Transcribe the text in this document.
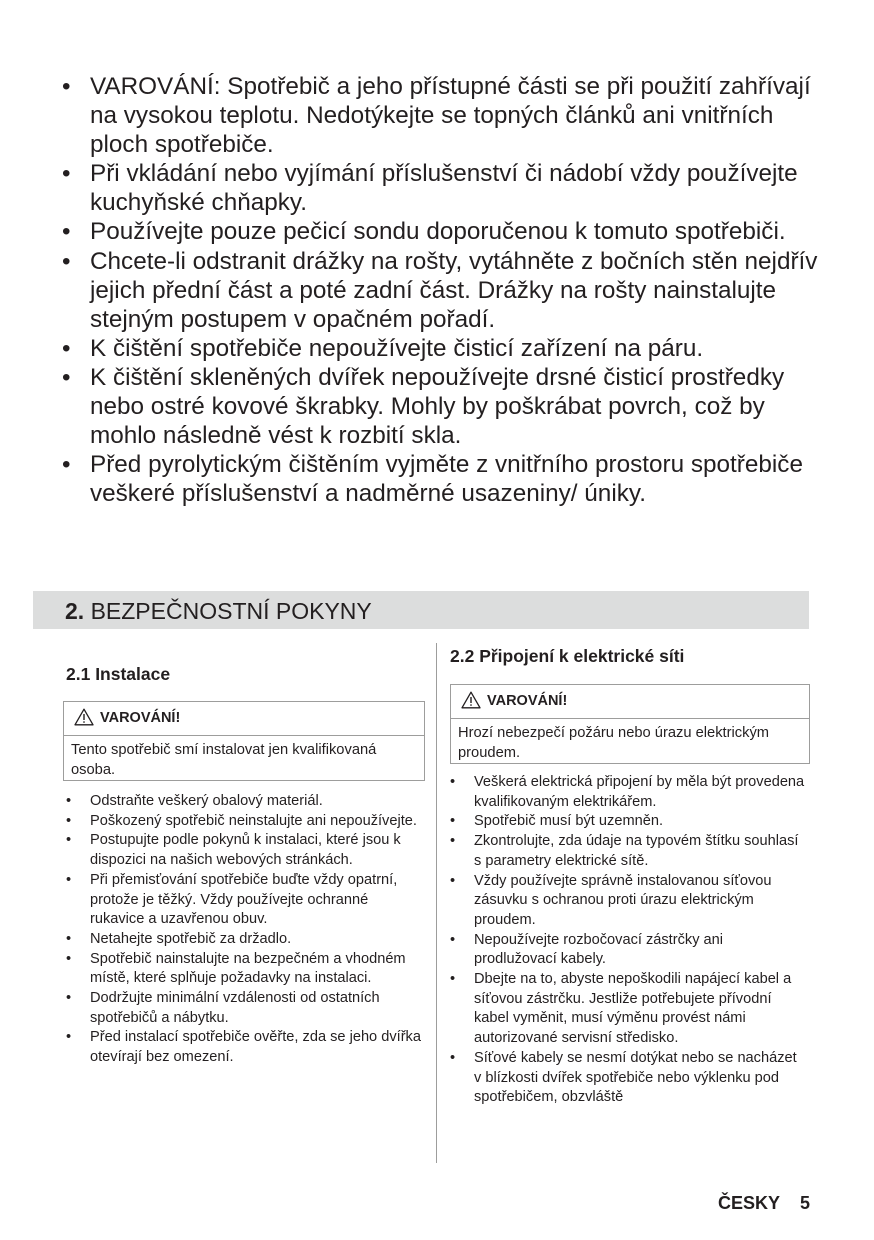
• VAROVÁNÍ: Spotřebič a jeho přístupné části se při použití zahřívají na vysokou teplotu. Nedotýkejte se topných článků ani vnitřních ploch spotřebiče.
• Při vkládání nebo vyjímání příslušenství či nádobí vždy používejte kuchyňské chňapky.
• Používejte pouze pečicí sondu doporučenou k tomuto spotřebiči.
• Chcete-li odstranit drážky na rošty, vytáhněte z bočních stěn nejdřív jejich přední část a poté zadní část. Drážky na rošty nainstalujte stejným postupem v opačném pořadí.
• K čištění spotřebiče nepoužívejte čisticí zařízení na páru.
• K čištění skleněných dvířek nepoužívejte drsné čisticí prostředky nebo ostré kovové škrabky. Mohly by poškrábat povrch, což by mohlo následně vést k rozbití skla.
• Před pyrolytickým čištěním vyjměte z vnitřního prostoru spotřebiče veškeré příslušenství a nadměrné usazeniny/ úniky.
2. BEZPEČNOSTNÍ POKYNY
2.1 Instalace
VAROVÁNÍ!
Tento spotřebič smí instalovat jen kvalifikovaná osoba.
• Odstraňte veškerý obalový materiál.
• Poškozený spotřebič neinstalujte ani nepoužívejte.
• Postupujte podle pokynů k instalaci, které jsou k dispozici na našich webových stránkách.
• Při přemisťování spotřebiče buďte vždy opatrní, protože je těžký. Vždy používejte ochranné rukavice a uzavřenou obuv.
• Netahejte spotřebič za držadlo.
• Spotřebič nainstalujte na bezpečném a vhodném místě, které splňuje požadavky na instalaci.
• Dodržujte minimální vzdálenosti od ostatních spotřebičů a nábytku.
• Před instalací spotřebiče ověřte, zda se jeho dvířka otevírají bez omezení.
2.2 Připojení k elektrické síti
VAROVÁNÍ!
Hrozí nebezpečí požáru nebo úrazu elektrickým proudem.
• Veškerá elektrická připojení by měla být provedena kvalifikovaným elektrikářem.
• Spotřebič musí být uzemněn.
• Zkontrolujte, zda údaje na typovém štítku souhlasí s parametry elektrické sítě.
• Vždy používejte správně instalovanou síťovou zásuvku s ochranou proti úrazu elektrickým proudem.
• Nepoužívejte rozbočovací zástrčky ani prodlužovací kabely.
• Dbejte na to, abyste nepoškodili napájecí kabel a síťovou zástrčku. Jestliže potřebujete přívodní kabel vyměnit, musí výměnu provést námi autorizované servisní středisko.
• Síťové kabely se nesmí dotýkat nebo se nacházet v blízkosti dvířek spotřebiče nebo výklenku pod spotřebičem, obzvláště
ČESKY 5
